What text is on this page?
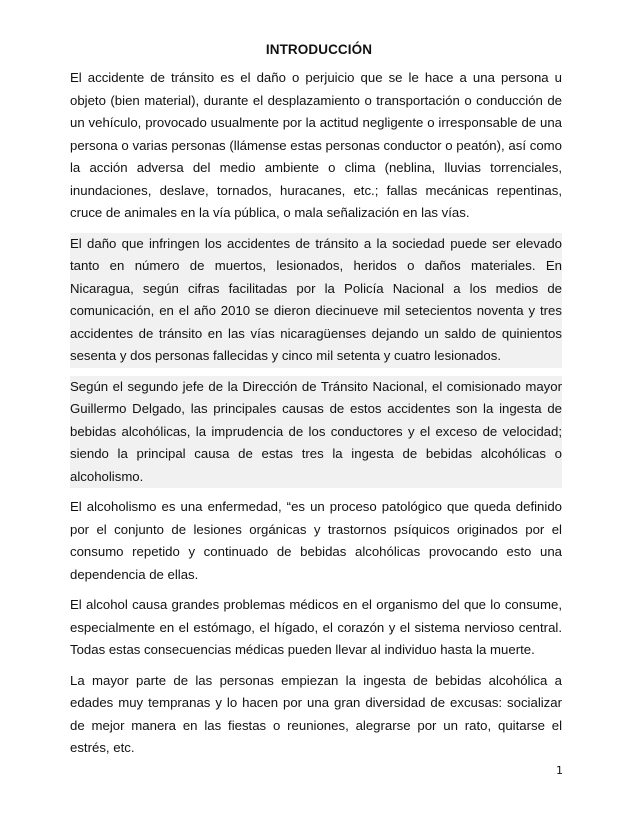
INTRODUCCIÓN

El accidente de tránsito es el daño o perjuicio que se le hace a una persona u objeto (bien material), durante el desplazamiento o transportación o conducción de un vehículo, provocado usualmente por la actitud negligente o irresponsable de una persona o varias personas (llámense estas personas conductor o peatón), así como la acción adversa del medio ambiente o clima (neblina, lluvias torrenciales, inundaciones, deslave, tornados, huracanes, etc.; fallas mecánicas repentinas, cruce de animales en la vía pública, o mala señalización en las vías.

El daño que infringen los accidentes de tránsito a la sociedad puede ser elevado tanto en número de muertos, lesionados, heridos o daños materiales. En Nicaragua, según cifras facilitadas por la Policía Nacional a los medios de comunicación, en el año 2010 se dieron diecinueve mil setecientos noventa y tres accidentes de tránsito en las vías nicaragüenses dejando un saldo de quinientos sesenta y dos personas fallecidas y cinco mil setenta y cuatro lesionados.

Según el segundo jefe de la Dirección de Tránsito Nacional, el comisionado mayor Guillermo Delgado, las principales causas de estos accidentes son la ingesta de bebidas alcohólicas, la imprudencia de los conductores y el exceso de velocidad; siendo la principal causa de estas tres la ingesta de bebidas alcohólicas o alcoholismo.

El alcoholismo es una enfermedad, “es un proceso patológico que queda definido por el conjunto de lesiones orgánicas y trastornos psíquicos originados por el consumo repetido y continuado de bebidas alcohólicas provocando esto una dependencia de ellas.

El alcohol causa grandes problemas médicos en el organismo del que lo consume, especialmente en el estómago, el hígado, el corazón y el sistema nervioso central. Todas estas consecuencias médicas pueden llevar al individuo hasta la muerte.

La mayor parte de las personas empiezan la ingesta de bebidas alcohólica a edades muy tempranas y lo hacen por una gran diversidad de excusas: socializar de mejor manera en las fiestas o reuniones, alegrarse por un rato, quitarse el estrés, etc.

1
